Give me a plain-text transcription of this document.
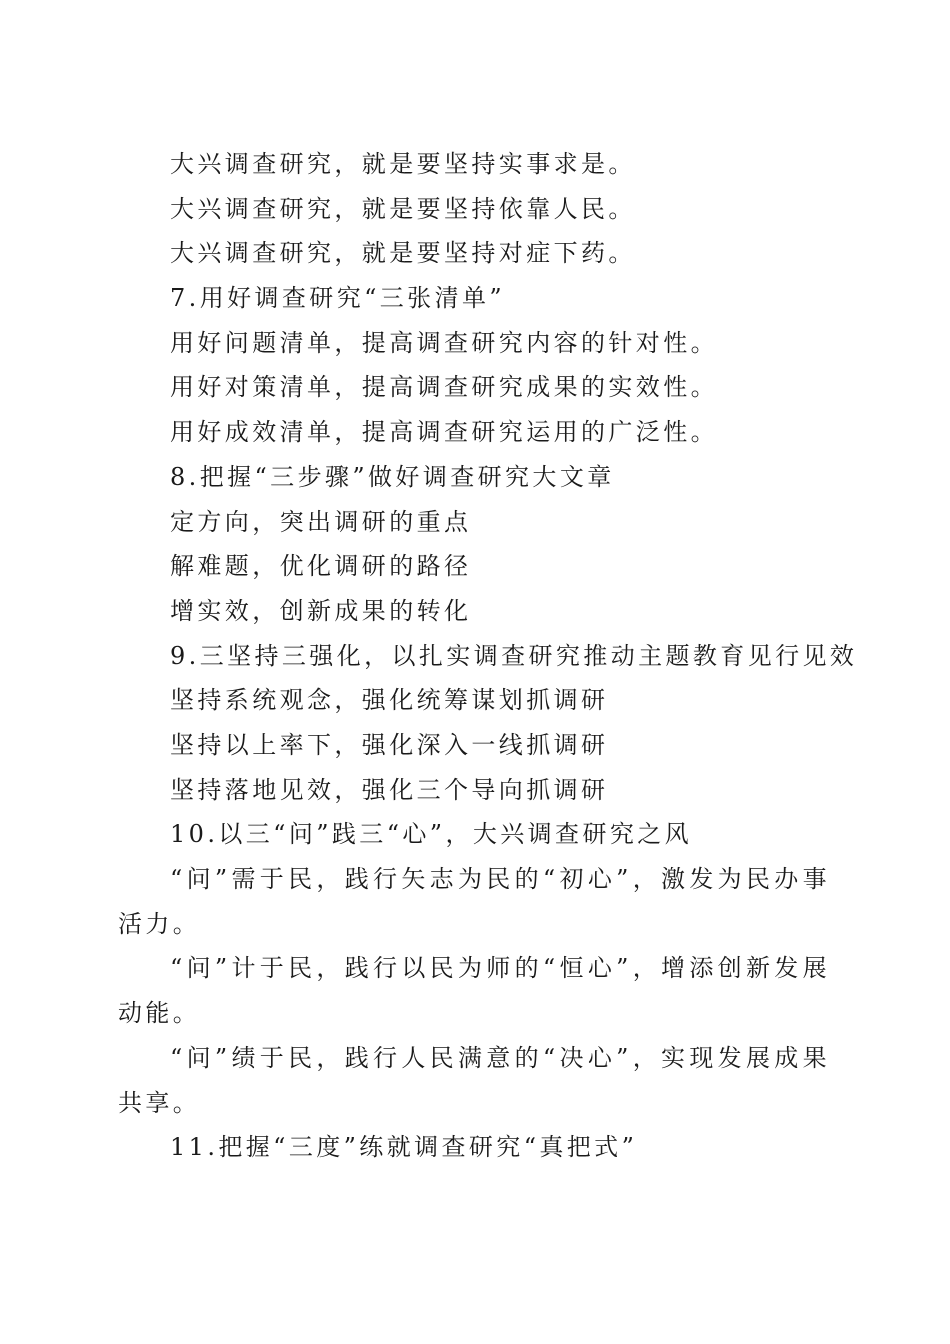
大兴调查研究，就是要坚持实事求是。
大兴调查研究，就是要坚持依靠人民。
大兴调查研究，就是要坚持对症下药。
7.用好调查研究“三张清单”
用好问题清单，提高调查研究内容的针对性。
用好对策清单，提高调查研究成果的实效性。
用好成效清单，提高调查研究运用的广泛性。
8.把握“三步骤”做好调查研究大文章
定方向，突出调研的重点
解难题，优化调研的路径
增实效，创新成果的转化
9.三坚持三强化，以扎实调查研究推动主题教育见行见效
坚持系统观念，强化统筹谋划抓调研
坚持以上率下，强化深入一线抓调研
坚持落地见效，强化三个导向抓调研
10.以三“问”践三“心”，大兴调查研究之风
“问”需于民，践行矢志为民的“初心”，激发为民办事活力。
“问”计于民，践行以民为师的“恒心”，增添创新发展动能。
“问”绩于民，践行人民满意的“决心”，实现发展成果共享。
11.把握“三度”练就调查研究“真把式”
